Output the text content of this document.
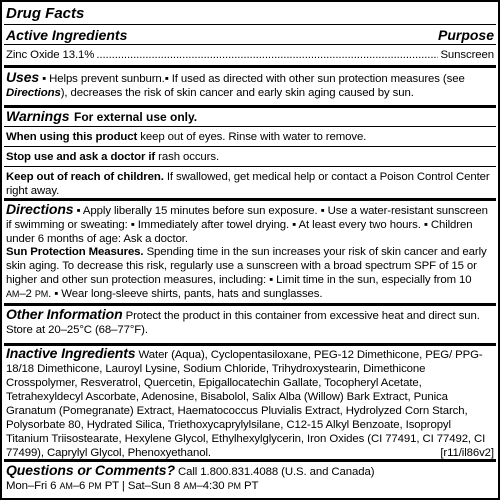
Drug Facts
Active Ingredients	Purpose
Zinc Oxide 13.1%
.....	Sunscreen
Uses ▪ Helps prevent sunburn.▪ If used as directed with other sun protection measures (see Directions), decreases the risk of skin cancer and early skin aging caused by sun.
Warnings For external use only.
When using this product keep out of eyes. Rinse with water to remove.
Stop use and ask a doctor if rash occurs.
Keep out of reach of children. If swallowed, get medical help or contact a Poison Control Center right away.
Directions ▪ Apply liberally 15 minutes before sun exposure. ▪ Use a water-resistant sunscreen if swimming or sweating: ▪ Immediately after towel drying. ▪ At least every two hours. ▪ Children under 6 months of age: Ask a doctor.
Sun Protection Measures. Spending time in the sun increases your risk of skin cancer and early skin aging. To decrease this risk, regularly use a sunscreen with a broad spectrum SPF of 15 or higher and other sun protection measures, including: ▪ Limit time in the sun, especially from 10 AM–2 PM. ▪ Wear long-sleeve shirts, pants, hats and sunglasses.
Other Information Protect the product in this container from excessive heat and direct sun. Store at 20–25°C (68–77°F).
Inactive Ingredients Water (Aqua), Cyclopentasiloxane, PEG-12 Dimethicone, PEG/ PPG-18/18 Dimethicone, Lauroyl Lysine, Sodium Chloride, Trihydroxystearin, Dimethicone Crosspolymer, Resveratrol, Quercetin, Epigallocatechin Gallate, Tocopheryl Acetate, Tetrahexyldecyl Ascorbate, Adenosine, Bisabolol, Salix Alba (Willow) Bark Extract, Punica Granatum (Pomegranate) Extract, Haematococcus Pluvialis Extract, Hydrolyzed Corn Starch, Polysorbate 80, Hydrated Silica, Triethoxycaprylylsilane, C12-15 Alkyl Benzoate, Isopropyl Titanium Triisostearate, Hexylene Glycol, Ethylhexylglycerin, Iron Oxides (CI 77491, CI 77492, CI 77499), Caprylyl Glycol, Phenoxyethanol.	[r11/il86v2]
Questions or Comments? Call 1.800.831.4088 (U.S. and Canada)
Mon–Fri 6 AM–6 PM PT | Sat–Sun 8 AM–4:30 PM PT
